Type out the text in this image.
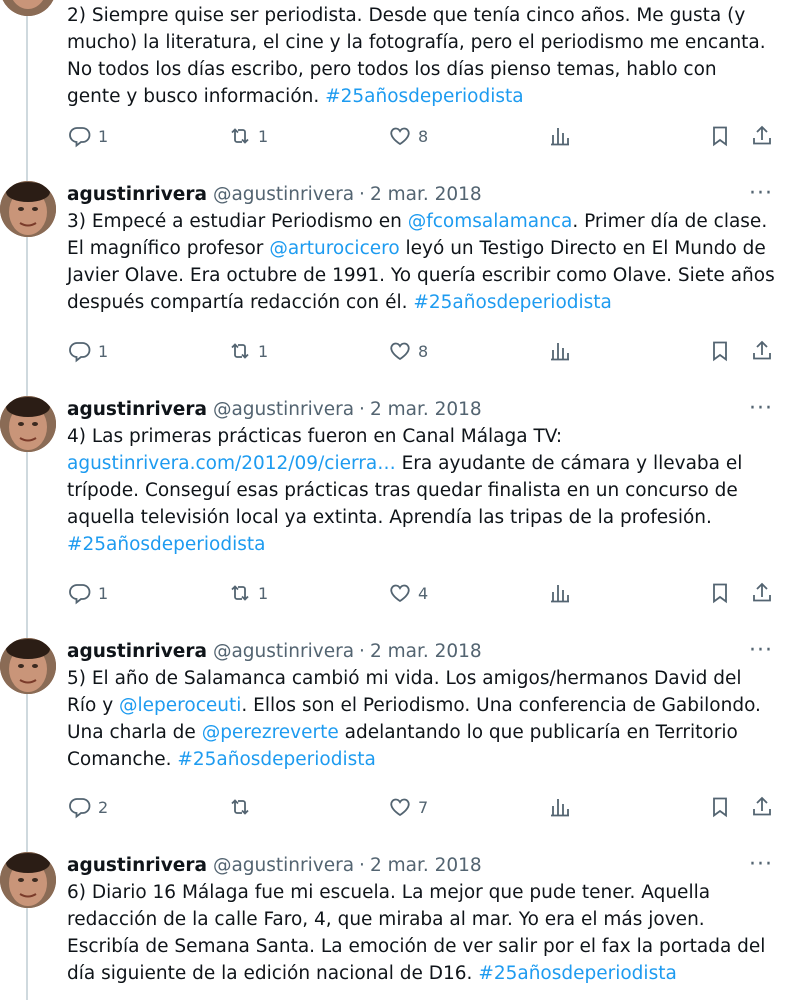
2) Siempre quise ser periodista. Desde que tenía cinco años. Me gusta (y
mucho) la literatura, el cine y la fotografía, pero el periodismo me encanta.
No todos los días escribo, pero todos los días pienso temas, hablo con
gente y busco información. #25añosdeperiodista
1	1	8
agustinrivera @agustinrivera · 2 mar. 2018	···
3) Empecé a estudiar Periodismo en @fcomsalamanca. Primer día de clase.
El magnífico profesor @arturocicero leyó un Testigo Directo en El Mundo de
Javier Olave. Era octubre de 1991. Yo quería escribir como Olave. Siete años
después compartía redacción con él. #25añosdeperiodista
1	1	8
agustinrivera @agustinrivera · 2 mar. 2018	···
4) Las primeras prácticas fueron en Canal Málaga TV:
agustinrivera.com/2012/09/cierra… Era ayudante de cámara y llevaba el
trípode. Conseguí esas prácticas tras quedar finalista en un concurso de
aquella televisión local ya extinta. Aprendía las tripas de la profesión.
#25añosdeperiodista
1	1	4
agustinrivera @agustinrivera · 2 mar. 2018	···
5) El año de Salamanca cambió mi vida. Los amigos/hermanos David del
Río y @leperoceuti. Ellos son el Periodismo. Una conferencia de Gabilondo.
Una charla de @perezreverte adelantando lo que publicaría en Territorio
Comanche. #25añosdeperiodista
2	7
agustinrivera @agustinrivera · 2 mar. 2018	···
6) Diario 16 Málaga fue mi escuela. La mejor que pude tener. Aquella
redacción de la calle Faro, 4, que miraba al mar. Yo era el más joven.
Escribía de Semana Santa. La emoción de ver salir por el fax la portada del
día siguiente de la edición nacional de D16. #25añosdeperiodista
